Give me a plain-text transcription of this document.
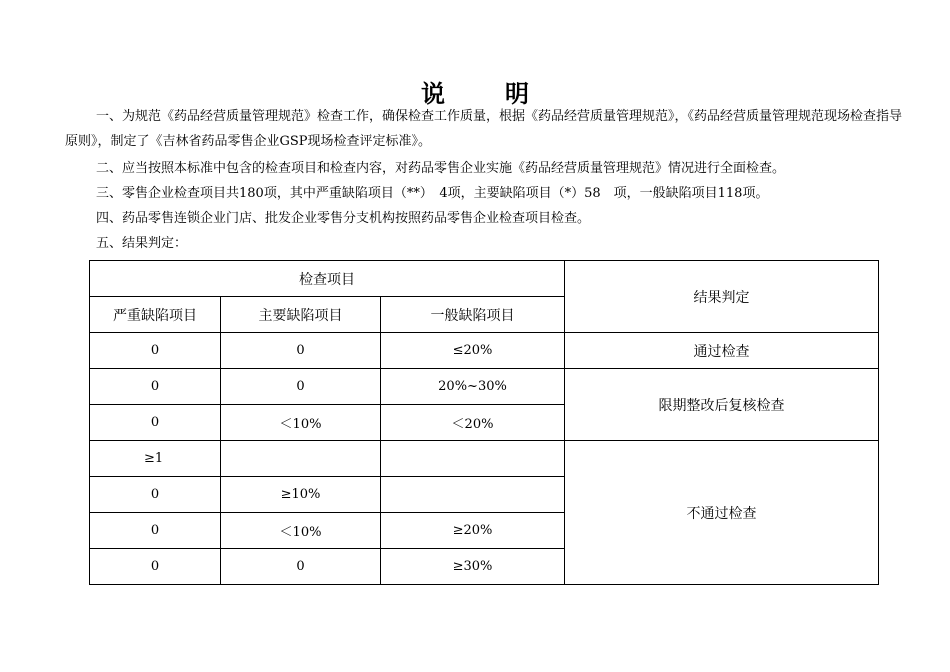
说　明
一、为规范《药品经营质量管理规范》检查工作，确保检查工作质量，根据《药品经营质量管理规范》，《药品经营质量管理规范现场检查指导原则》，制定了《吉林省药品零售企业GSP现场检查评定标准》。
二、应当按照本标准中包含的检查项目和检查内容，对药品零售企业实施《药品经营质量管理规范》情况进行全面检查。
三、零售企业检查项目共180项，其中严重缺陷项目（**）　4项，主要缺陷项目（*）58　项，一般缺陷项目118项。
四、药品零售连锁企业门店、批发企业零售分支机构按照药品零售企业检查项目检查。
五、结果判定：
检查项目			结果判定
严重缺陷项目	主要缺陷项目	一般缺陷项目	
0	0	≤20%	通过检查
0	0	20%~30%	限期整改后复核检查
0	＜10%	＜20%	
≥1			不通过检查
0	≥10%		
0	＜10%	≥20%	
0	0	≥30%	
